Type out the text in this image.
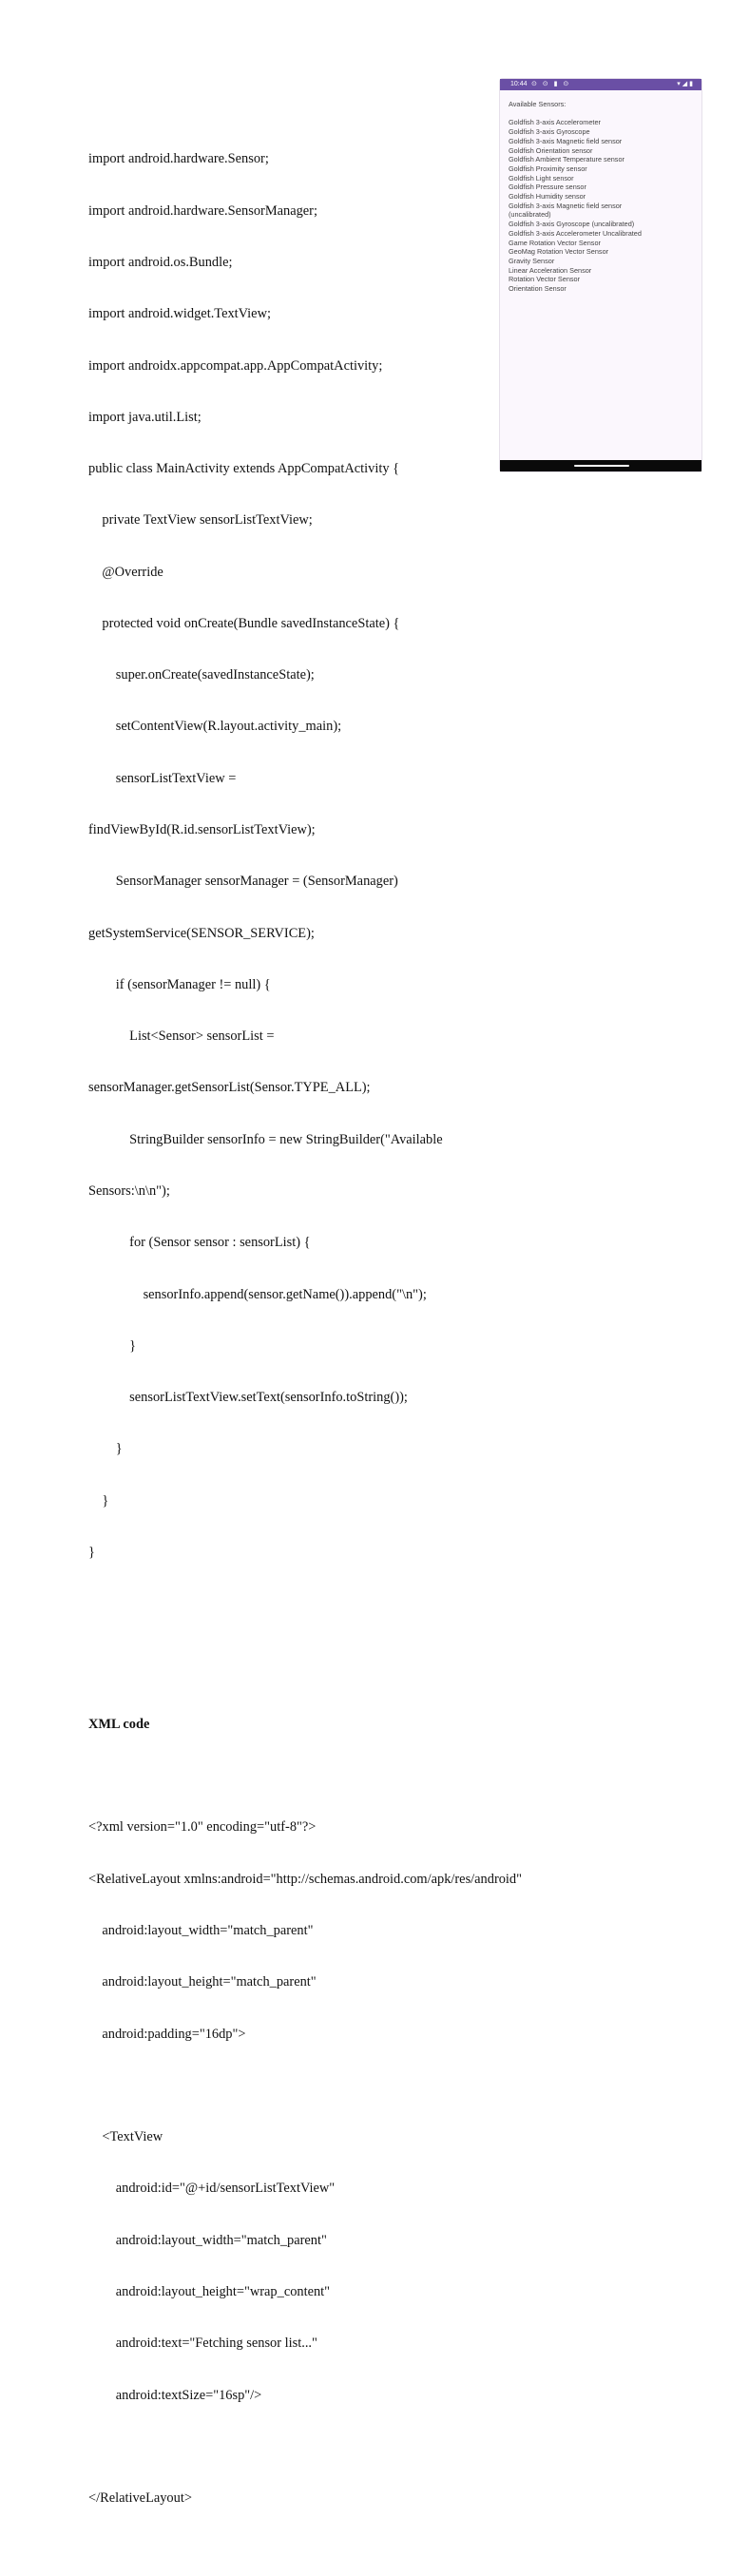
import android.hardware.Sensor;

import android.hardware.SensorManager;

import android.os.Bundle;

import android.widget.TextView;

import androidx.appcompat.app.AppCompatActivity;

import java.util.List;

public class MainActivity extends AppCompatActivity {

private TextView sensorListTextView;

@Override

protected void onCreate(Bundle savedInstanceState) {

super.onCreate(savedInstanceState);

setContentView(R.layout.activity_main);

sensorListTextView =

findViewById(R.id.sensorListTextView);

SensorManager sensorManager = (SensorManager)

getSystemService(SENSOR_SERVICE);

if (sensorManager != null) {

List<Sensor> sensorList =

sensorManager.getSensorList(Sensor.TYPE_ALL);

StringBuilder sensorInfo = new StringBuilder("Available

Sensors:\n\n");

for (Sensor sensor : sensorList) {

sensorInfo.append(sensor.getName()).append("\n");

}

sensorListTextView.setText(sensorInfo.toString());

}

}

}

XML code

<?xml version="1.0" encoding="utf-8"?>

<RelativeLayout xmlns:android="http://schemas.android.com/apk/res/android"

android:layout_width="match_parent"

android:layout_height="match_parent"

android:padding="16dp">

<TextView

android:id="@+id/sensorListTextView"

android:layout_width="match_parent"

android:layout_height="wrap_content"

android:text="Fetching sensor list..."

android:textSize="16sp"/>

</RelativeLayout>

10:44 ⊙ ⊙ ▮ ⊙	▾◢▮
Available Sensors:
Goldfish 3-axis Accelerometer
Goldfish 3-axis Gyroscope
Goldfish 3-axis Magnetic field sensor
Goldfish Orientation sensor
Goldfish Ambient Temperature sensor
Goldfish Proximity sensor
Goldfish Light sensor
Goldfish Pressure sensor
Goldfish Humidity sensor
Goldfish 3-axis Magnetic field sensor
(uncalibrated)
Goldfish 3-axis Gyroscope (uncalibrated)
Goldfish 3-axis Accelerometer Uncalibrated
Game Rotation Vector Sensor
GeoMag Rotation Vector Sensor
Gravity Sensor
Linear Acceleration Sensor
Rotation Vector Sensor
Orientation Sensor
